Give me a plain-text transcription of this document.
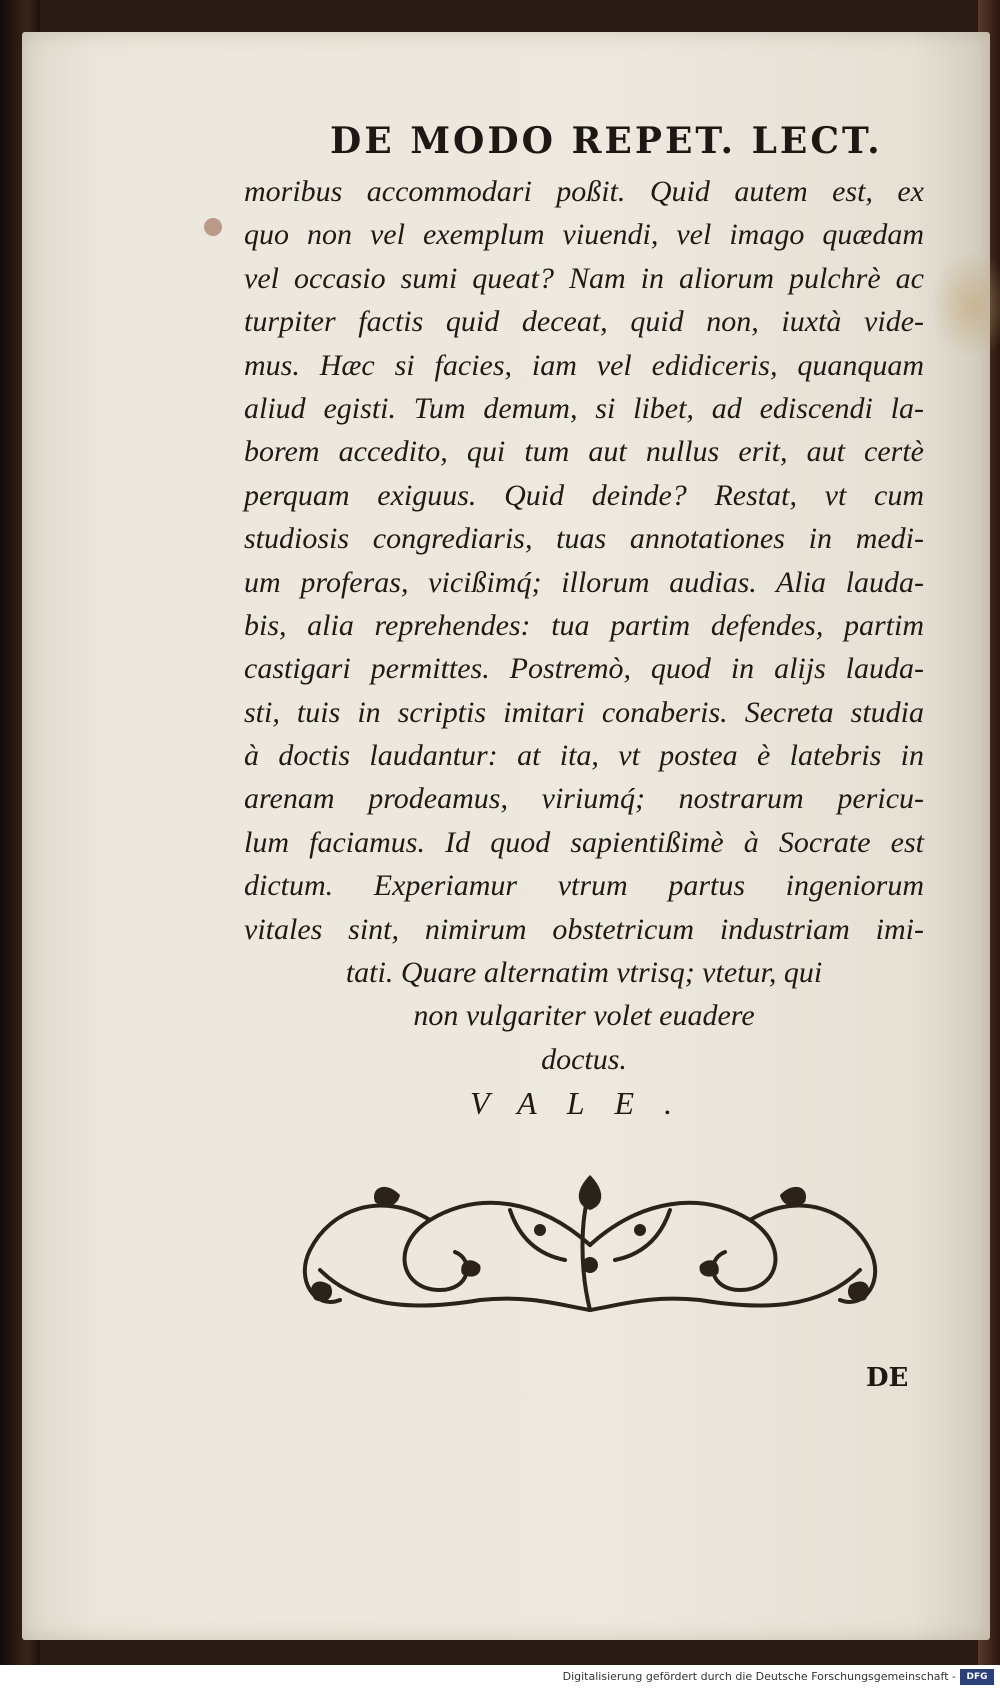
DE MODO REPET. LECT.
moribus accommodari poßit. Quid autem est, ex
quo non vel exemplum viuendi, vel imago quædam
vel occasio sumi queat? Nam in aliorum pulchrè ac
turpiter factis quid deceat, quid non, iuxtà vide-
mus. Hæc si facies, iam vel edidiceris, quanquam
aliud egisti. Tum demum, si libet, ad ediscendi la-
borem accedito, qui tum aut nullus erit, aut certè
perquam exiguus. Quid deinde? Restat, vt cum
studiosis congrediaris, tuas annotationes in medi-
um proferas, vicißimq́; illorum audias. Alia lauda-
bis, alia reprehendes: tua partim defendes, partim
castigari permittes. Postremò, quod in alijs lauda-
sti, tuis in scriptis imitari conaberis. Secreta studia
à doctis laudantur: at ita, vt postea è latebris in
arenam prodeamus, viriumq́; nostrarum pericu-
lum faciamus. Id quod sapientißimè à Socrate est
dictum. Experiamur vtrum partus ingeniorum
vitales sint, nimirum obstetricum industriam imi-
tati. Quare alternatim vtrisq; vtetur, qui
non vulgariter volet euadere
doctus.
VALE.
DE
Digitalisierung gefördert durch die Deutsche Forschungsgemeinschaft -	DFG
